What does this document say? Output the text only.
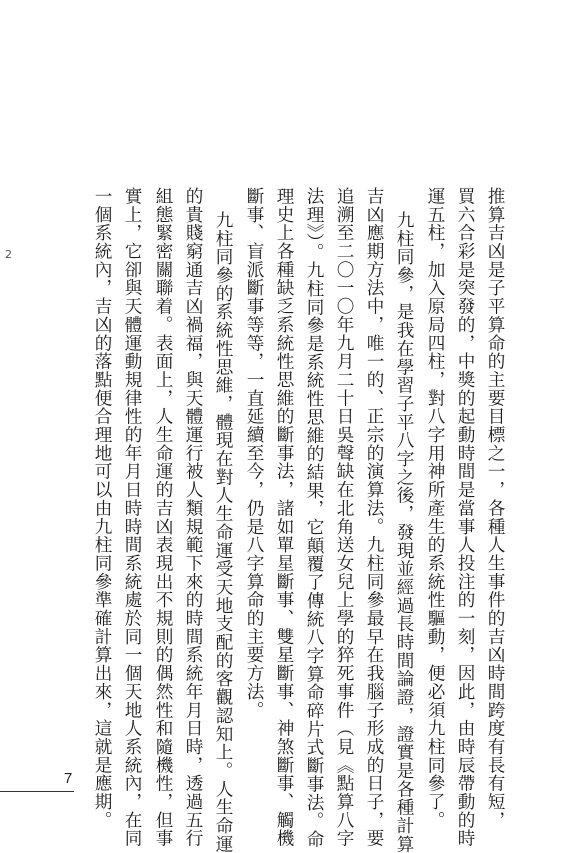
2	推算吉凶是子平算命的主要目標之一，各種人生事件的吉凶時間跨度有長有短，
買六合彩是突發的，中獎的起動時間是當事人投注的一刻，因此，由時辰帶動的時
運五柱，加入原局四柱，對八字用神所產生的系統性驅動，便必須九柱同參了。
九柱同參，是我在學習子平八字之後，發現並經過長時間論證，證實是各種計算
吉凶應期方法中，唯一的、正宗的演算法。九柱同參最早在我腦子形成的日子，要
追溯至二〇一〇年九月二十日吳聲缺在北角送女兒上學的猝死事件（見《點算八字
法理》）。九柱同參是系統性思維的結果，它顛覆了傳統八字算命碎片式斷事法。命
理史上各種缺乏系統性思維的斷事法，諸如單星斷事、雙星斷事、神煞斷事、觸機
斷事、盲派斷事等等，一直延續至今，仍是八字算命的主要方法。
九柱同參的系統性思維，體現在對人生命運受天地支配的客觀認知上。人生命運
的貴賤窮通吉凶禍福，與天體運行被人類規範下來的時間系統年月日時，透過五行
組態緊密關聯着。表面上，人生命運的吉凶表現出不規則的偶然性和隨機性，但事
實上，它卻與天體運動規律性的年月日時時間系統處於同一個天地人系統內，在同
一個系統內，吉凶的落點便合理地可以由九柱同參準確計算出來，這就是應期。
7
